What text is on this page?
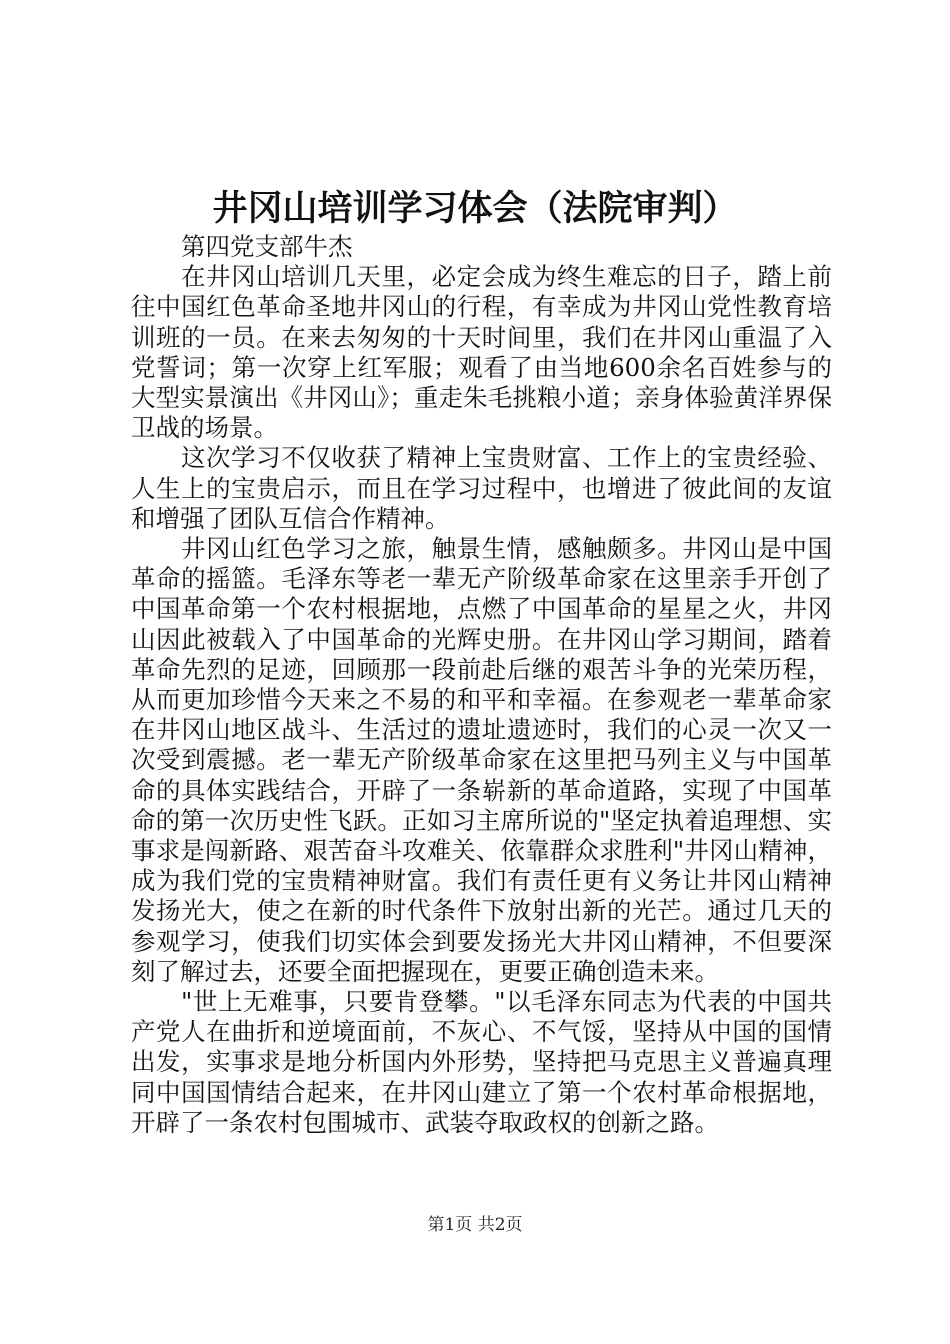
井冈山培训学习体会（法院审判）

第四党支部牛杰

在井冈山培训几天里，必定会成为终生难忘的日子，踏上前往中国红色革命圣地井冈山的行程，有幸成为井冈山党性教育培训班的一员。在来去匆匆的十天时间里，我们在井冈山重温了入党誓词；第一次穿上红军服；观看了由当地600余名百姓参与的大型实景演出《井冈山》；重走朱毛挑粮小道；亲身体验黄洋界保卫战的场景。

这次学习不仅收获了精神上宝贵财富、工作上的宝贵经验、人生上的宝贵启示，而且在学习过程中，也增进了彼此间的友谊和增强了团队互信合作精神。

井冈山红色学习之旅，触景生情，感触颇多。井冈山是中国革命的摇篮。毛泽东等老一辈无产阶级革命家在这里亲手开创了中国革命第一个农村根据地，点燃了中国革命的星星之火，井冈山因此被载入了中国革命的光辉史册。在井冈山学习期间，踏着革命先烈的足迹，回顾那一段前赴后继的艰苦斗争的光荣历程，从而更加珍惜今天来之不易的和平和幸福。在参观老一辈革命家在井冈山地区战斗、生活过的遗址遗迹时，我们的心灵一次又一次受到震撼。老一辈无产阶级革命家在这里把马列主义与中国革命的具体实践结合，开辟了一条崭新的革命道路，实现了中国革命的第一次历史性飞跃。正如习主席所说的"坚定执着追理想、实事求是闯新路、艰苦奋斗攻难关、依靠群众求胜利"井冈山精神，成为我们党的宝贵精神财富。我们有责任更有义务让井冈山精神发扬光大，使之在新的时代条件下放射出新的光芒。通过几天的参观学习，使我们切实体会到要发扬光大井冈山精神，不但要深刻了解过去，还要全面把握现在，更要正确创造未来。

"世上无难事，只要肯登攀。"以毛泽东同志为代表的中国共产党人在曲折和逆境面前，不灰心、不气馁，坚持从中国的国情出发，实事求是地分析国内外形势，坚持把马克思主义普遍真理同中国国情结合起来，在井冈山建立了第一个农村革命根据地，开辟了一条农村包围城市、武装夺取政权的创新之路。

第1页 共2页
